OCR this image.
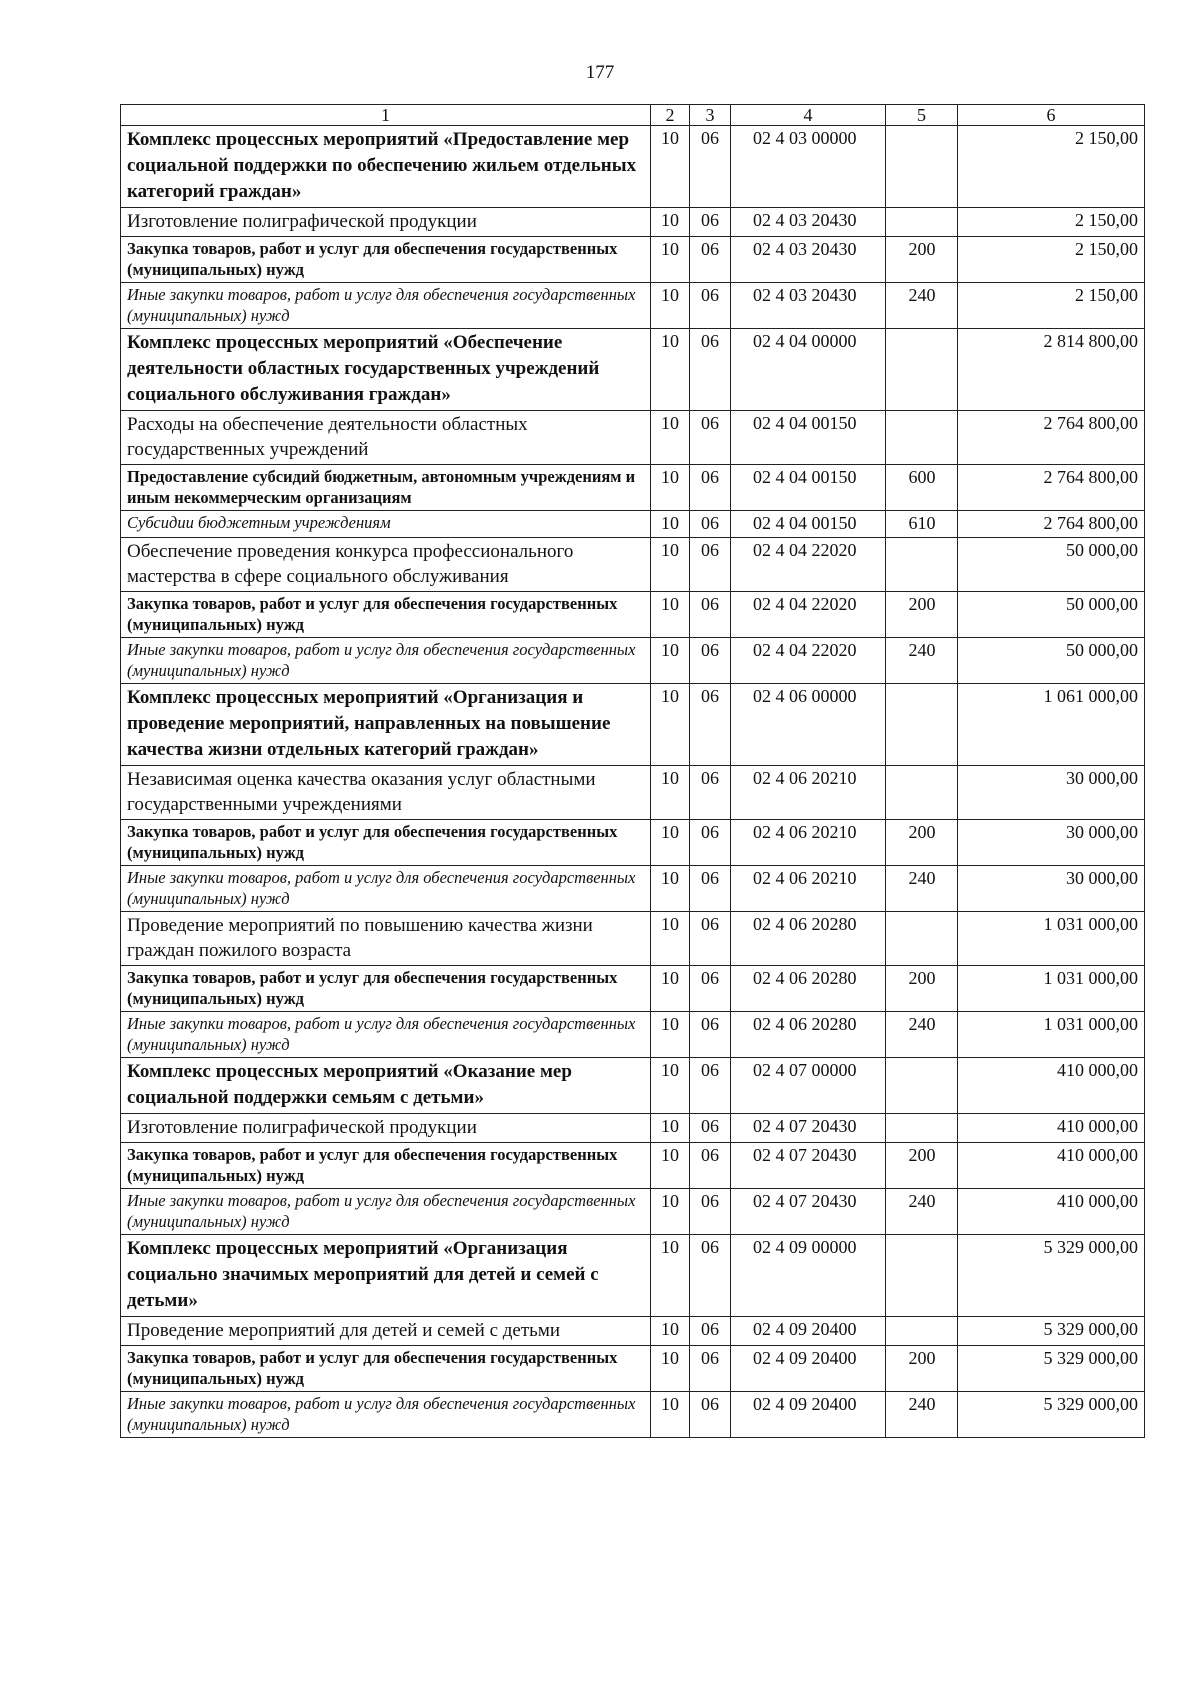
177
1	2	3	4	5	6
Комплекс процессных мероприятий «Предоставление мер социальной поддержки по обеспечению жильем отдельных категорий граждан»	10	06	02 4 03 00000		2 150,00
Изготовление полиграфической продукции	10	06	02 4 03 20430		2 150,00
Закупка товаров, работ и услуг для обеспечения государственных (муниципальных) нужд	10	06	02 4 03 20430	200	2 150,00
Иные закупки товаров, работ и услуг для обеспечения государственных (муниципальных) нужд	10	06	02 4 03 20430	240	2 150,00
Комплекс процессных мероприятий «Обеспечение деятельности областных государственных учреждений социального обслуживания граждан»	10	06	02 4 04 00000		2 814 800,00
Расходы на обеспечение деятельности областных государственных учреждений	10	06	02 4 04 00150		2 764 800,00
Предоставление субсидий бюджетным, автономным учреждениям и иным некоммерческим организациям	10	06	02 4 04 00150	600	2 764 800,00
Субсидии бюджетным учреждениям	10	06	02 4 04 00150	610	2 764 800,00
Обеспечение проведения конкурса профессионального мастерства в сфере социального обслуживания	10	06	02 4 04 22020		50 000,00
Закупка товаров, работ и услуг для обеспечения государственных (муниципальных) нужд	10	06	02 4 04 22020	200	50 000,00
Иные закупки товаров, работ и услуг для обеспечения государственных (муниципальных) нужд	10	06	02 4 04 22020	240	50 000,00
Комплекс процессных мероприятий «Организация и проведение мероприятий, направленных на повышение качества жизни отдельных категорий граждан»	10	06	02 4 06 00000		1 061 000,00
Независимая оценка качества оказания услуг областными государственными учреждениями	10	06	02 4 06 20210		30 000,00
Закупка товаров, работ и услуг для обеспечения государственных (муниципальных) нужд	10	06	02 4 06 20210	200	30 000,00
Иные закупки товаров, работ и услуг для обеспечения государственных (муниципальных) нужд	10	06	02 4 06 20210	240	30 000,00
Проведение мероприятий по повышению качества жизни граждан пожилого возраста	10	06	02 4 06 20280		1 031 000,00
Закупка товаров, работ и услуг для обеспечения государственных (муниципальных) нужд	10	06	02 4 06 20280	200	1 031 000,00
Иные закупки товаров, работ и услуг для обеспечения государственных (муниципальных) нужд	10	06	02 4 06 20280	240	1 031 000,00
Комплекс процессных мероприятий «Оказание мер социальной поддержки семьям с детьми»	10	06	02 4 07 00000		410 000,00
Изготовление полиграфической продукции	10	06	02 4 07 20430		410 000,00
Закупка товаров, работ и услуг для обеспечения государственных (муниципальных) нужд	10	06	02 4 07 20430	200	410 000,00
Иные закупки товаров, работ и услуг для обеспечения государственных (муниципальных) нужд	10	06	02 4 07 20430	240	410 000,00
Комплекс процессных мероприятий «Организация социально значимых мероприятий для детей и семей с детьми»	10	06	02 4 09 00000		5 329 000,00
Проведение мероприятий для детей и семей с детьми	10	06	02 4 09 20400		5 329 000,00
Закупка товаров, работ и услуг для обеспечения государственных (муниципальных) нужд	10	06	02 4 09 20400	200	5 329 000,00
Иные закупки товаров, работ и услуг для обеспечения государственных (муниципальных) нужд	10	06	02 4 09 20400	240	5 329 000,00
